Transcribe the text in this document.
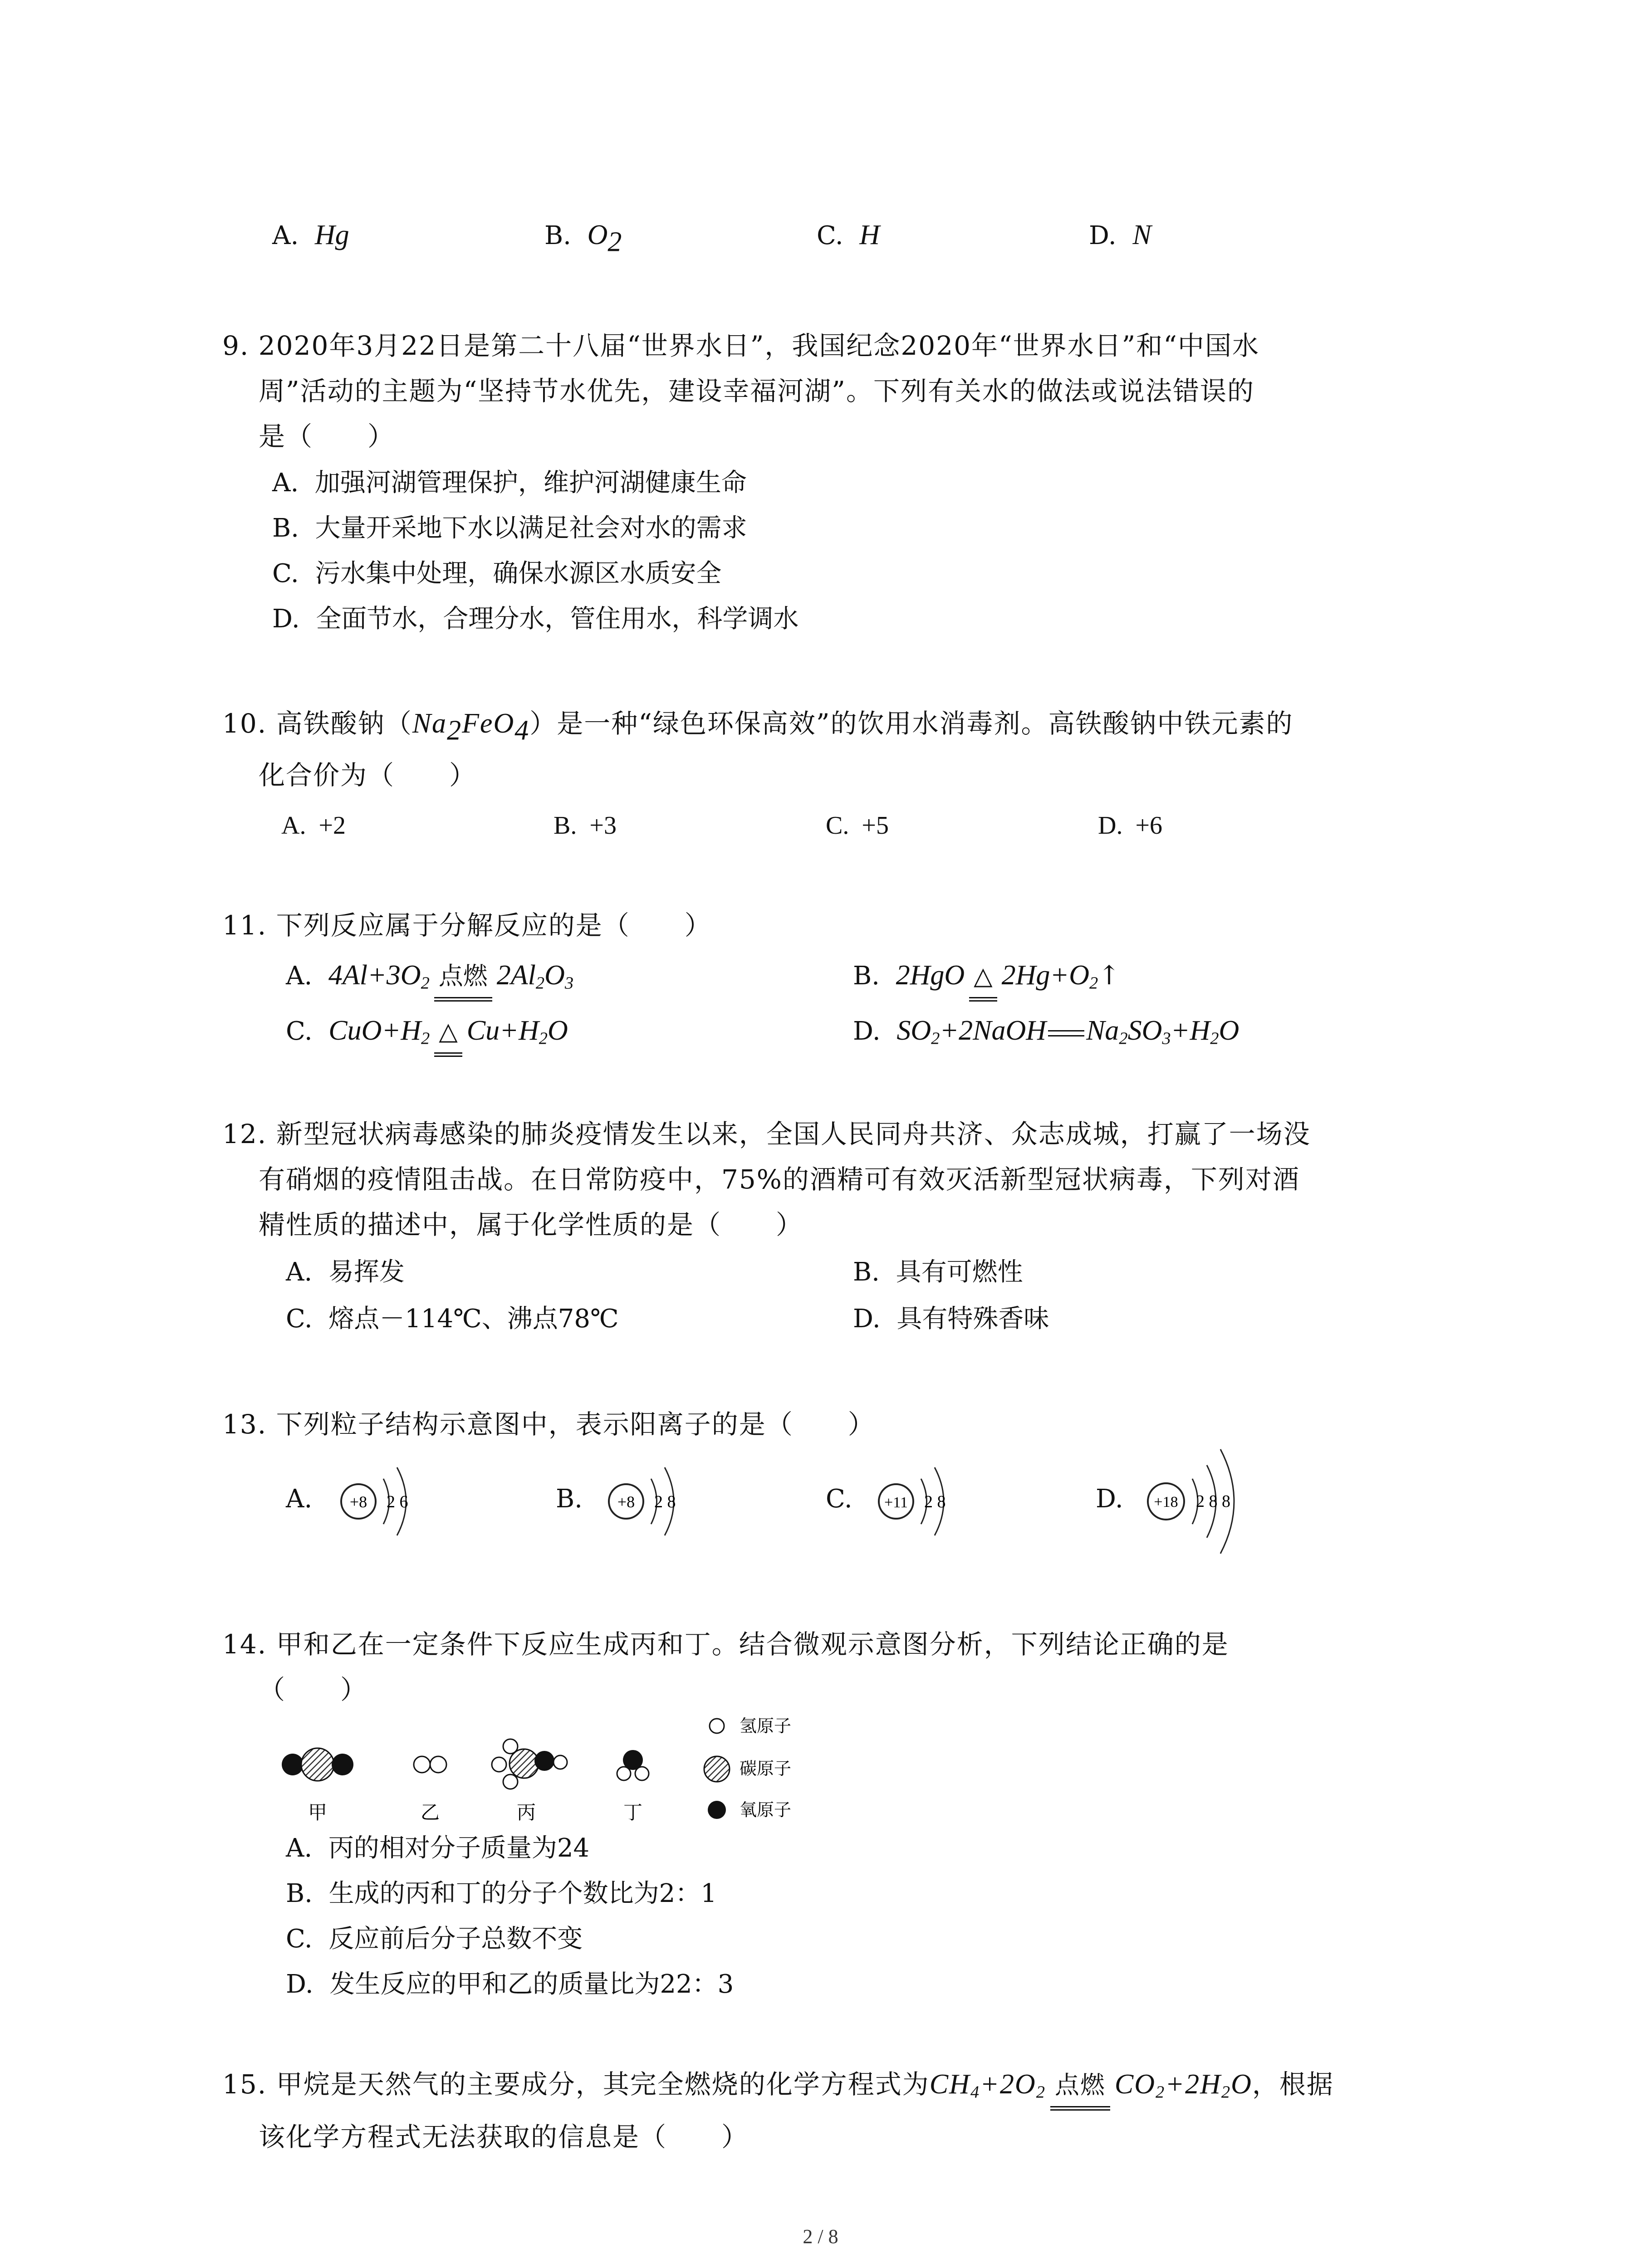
A. Hg	B. $O_2$	C. H	D. N
9. 2020年3月22日是第二十八届“世界水日”，我国纪念2020年“世界水日”和“中国水
周”活动的主题为“坚持节水优先，建设幸福河湖”。下列有关水的做法或说法错误的
是（　　）
A. 加强河湖管理保护，维护河湖健康生命
B. 大量开采地下水以满足社会对水的需求
C. 污水集中处理，确保水源区水质安全
D. 全面节水，合理分水，管住用水，科学调水
10. 高铁酸钠$(Na_2FeO_4)$是一种“绿色环保高效”的饮用水消毒剂。高铁酸钠中铁元素的
化合价为（　　）
A. +2	B. +3	C. +5	D. +6
11. 下列反应属于分解反应的是（　　）
A. $4Al+3O_2$ 点燃 $2Al_2O_3$	B. 2HgO △ $2Hg+O_2↑$
C. $CuO+H_2$ △ $Cu+H_2O$	D. $SO_2+2NaOH$ $Na_2SO_3+H_2O$
12. 新型冠状病毒感染的肺炎疫情发生以来，全国人民同舟共济、众志成城，打赢了一场没
有硝烟的疫情阻击战。在日常防疫中，75%的酒精可有效灭活新型冠状病毒，下列对酒
精性质的描述中，属于化学性质的是（　　）
A. 易挥发	B. 具有可燃性
C. 熔点－114℃、沸点78℃	D. 具有特殊香味
13. 下列粒子结构示意图中，表示阳离子的是（　　）
A. +8 2 6	B. +8 2 8	C. +11 2 8	D. +18 2 8 8
14. 甲和乙在一定条件下反应生成丙和丁。结合微观示意图分析，下列结论正确的是
（　　）
甲	乙	丙	丁
氢原子
碳原子
氧原子
A. 丙的相对分子质量为24
B. 生成的丙和丁的分子个数比为2：1
C. 反应前后分子总数不变
D. 发生反应的甲和乙的质量比为22：3
15. 甲烷是天然气的主要成分，其完全燃烧的化学方程式为$CH_4+2O_2$ 点燃 $CO_2+2H_2O$，根据
该化学方程式无法获取的信息是（　　）
2 / 8
